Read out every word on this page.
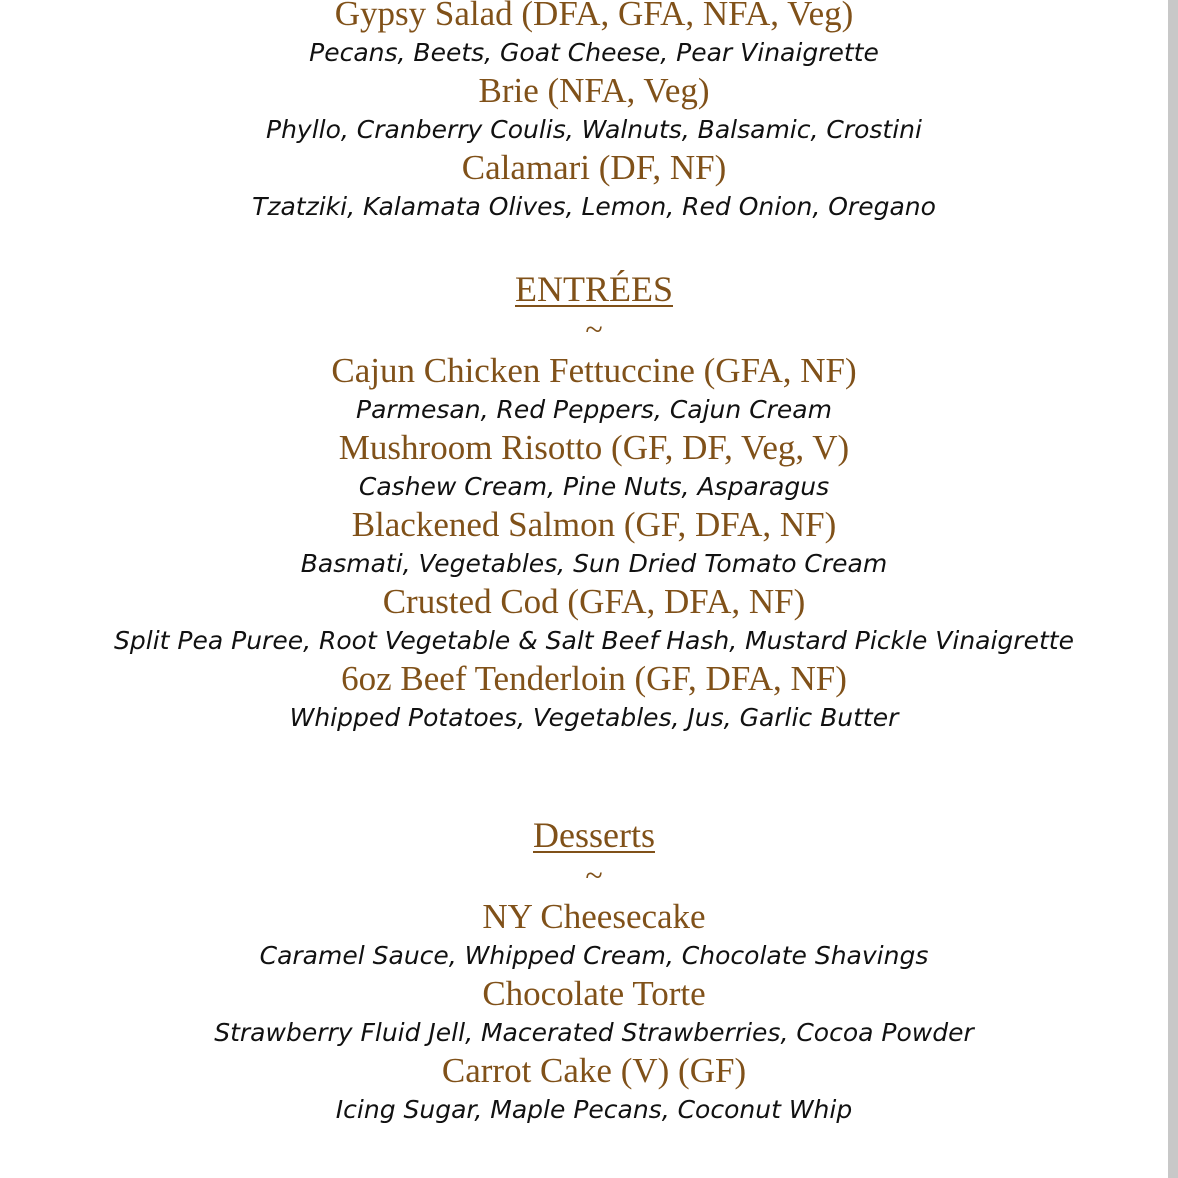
Gypsy Salad (DFA, GFA, NFA, Veg)

Pecans, Beets, Goat Cheese, Pear Vinaigrette

Brie (NFA, Veg)

Phyllo, Cranberry Coulis, Walnuts, Balsamic, Crostini

Calamari (DF, NF)

Tzatziki, Kalamata Olives, Lemon, Red Onion, Oregano

ENTRÉES

~

Cajun Chicken Fettuccine (GFA, NF)

Parmesan, Red Peppers, Cajun Cream

Mushroom Risotto (GF, DF, Veg, V)

Cashew Cream, Pine Nuts, Asparagus

Blackened Salmon (GF, DFA, NF)

Basmati, Vegetables, Sun Dried Tomato Cream

Crusted Cod (GFA, DFA, NF)

Split Pea Puree, Root Vegetable & Salt Beef Hash, Mustard Pickle Vinaigrette

6oz Beef Tenderloin (GF, DFA, NF)

Whipped Potatoes, Vegetables, Jus, Garlic Butter

Desserts

~

NY Cheesecake

Caramel Sauce, Whipped Cream, Chocolate Shavings

Chocolate Torte

Strawberry Fluid Jell, Macerated Strawberries, Cocoa Powder

Carrot Cake (V) (GF)

Icing Sugar, Maple Pecans, Coconut Whip
